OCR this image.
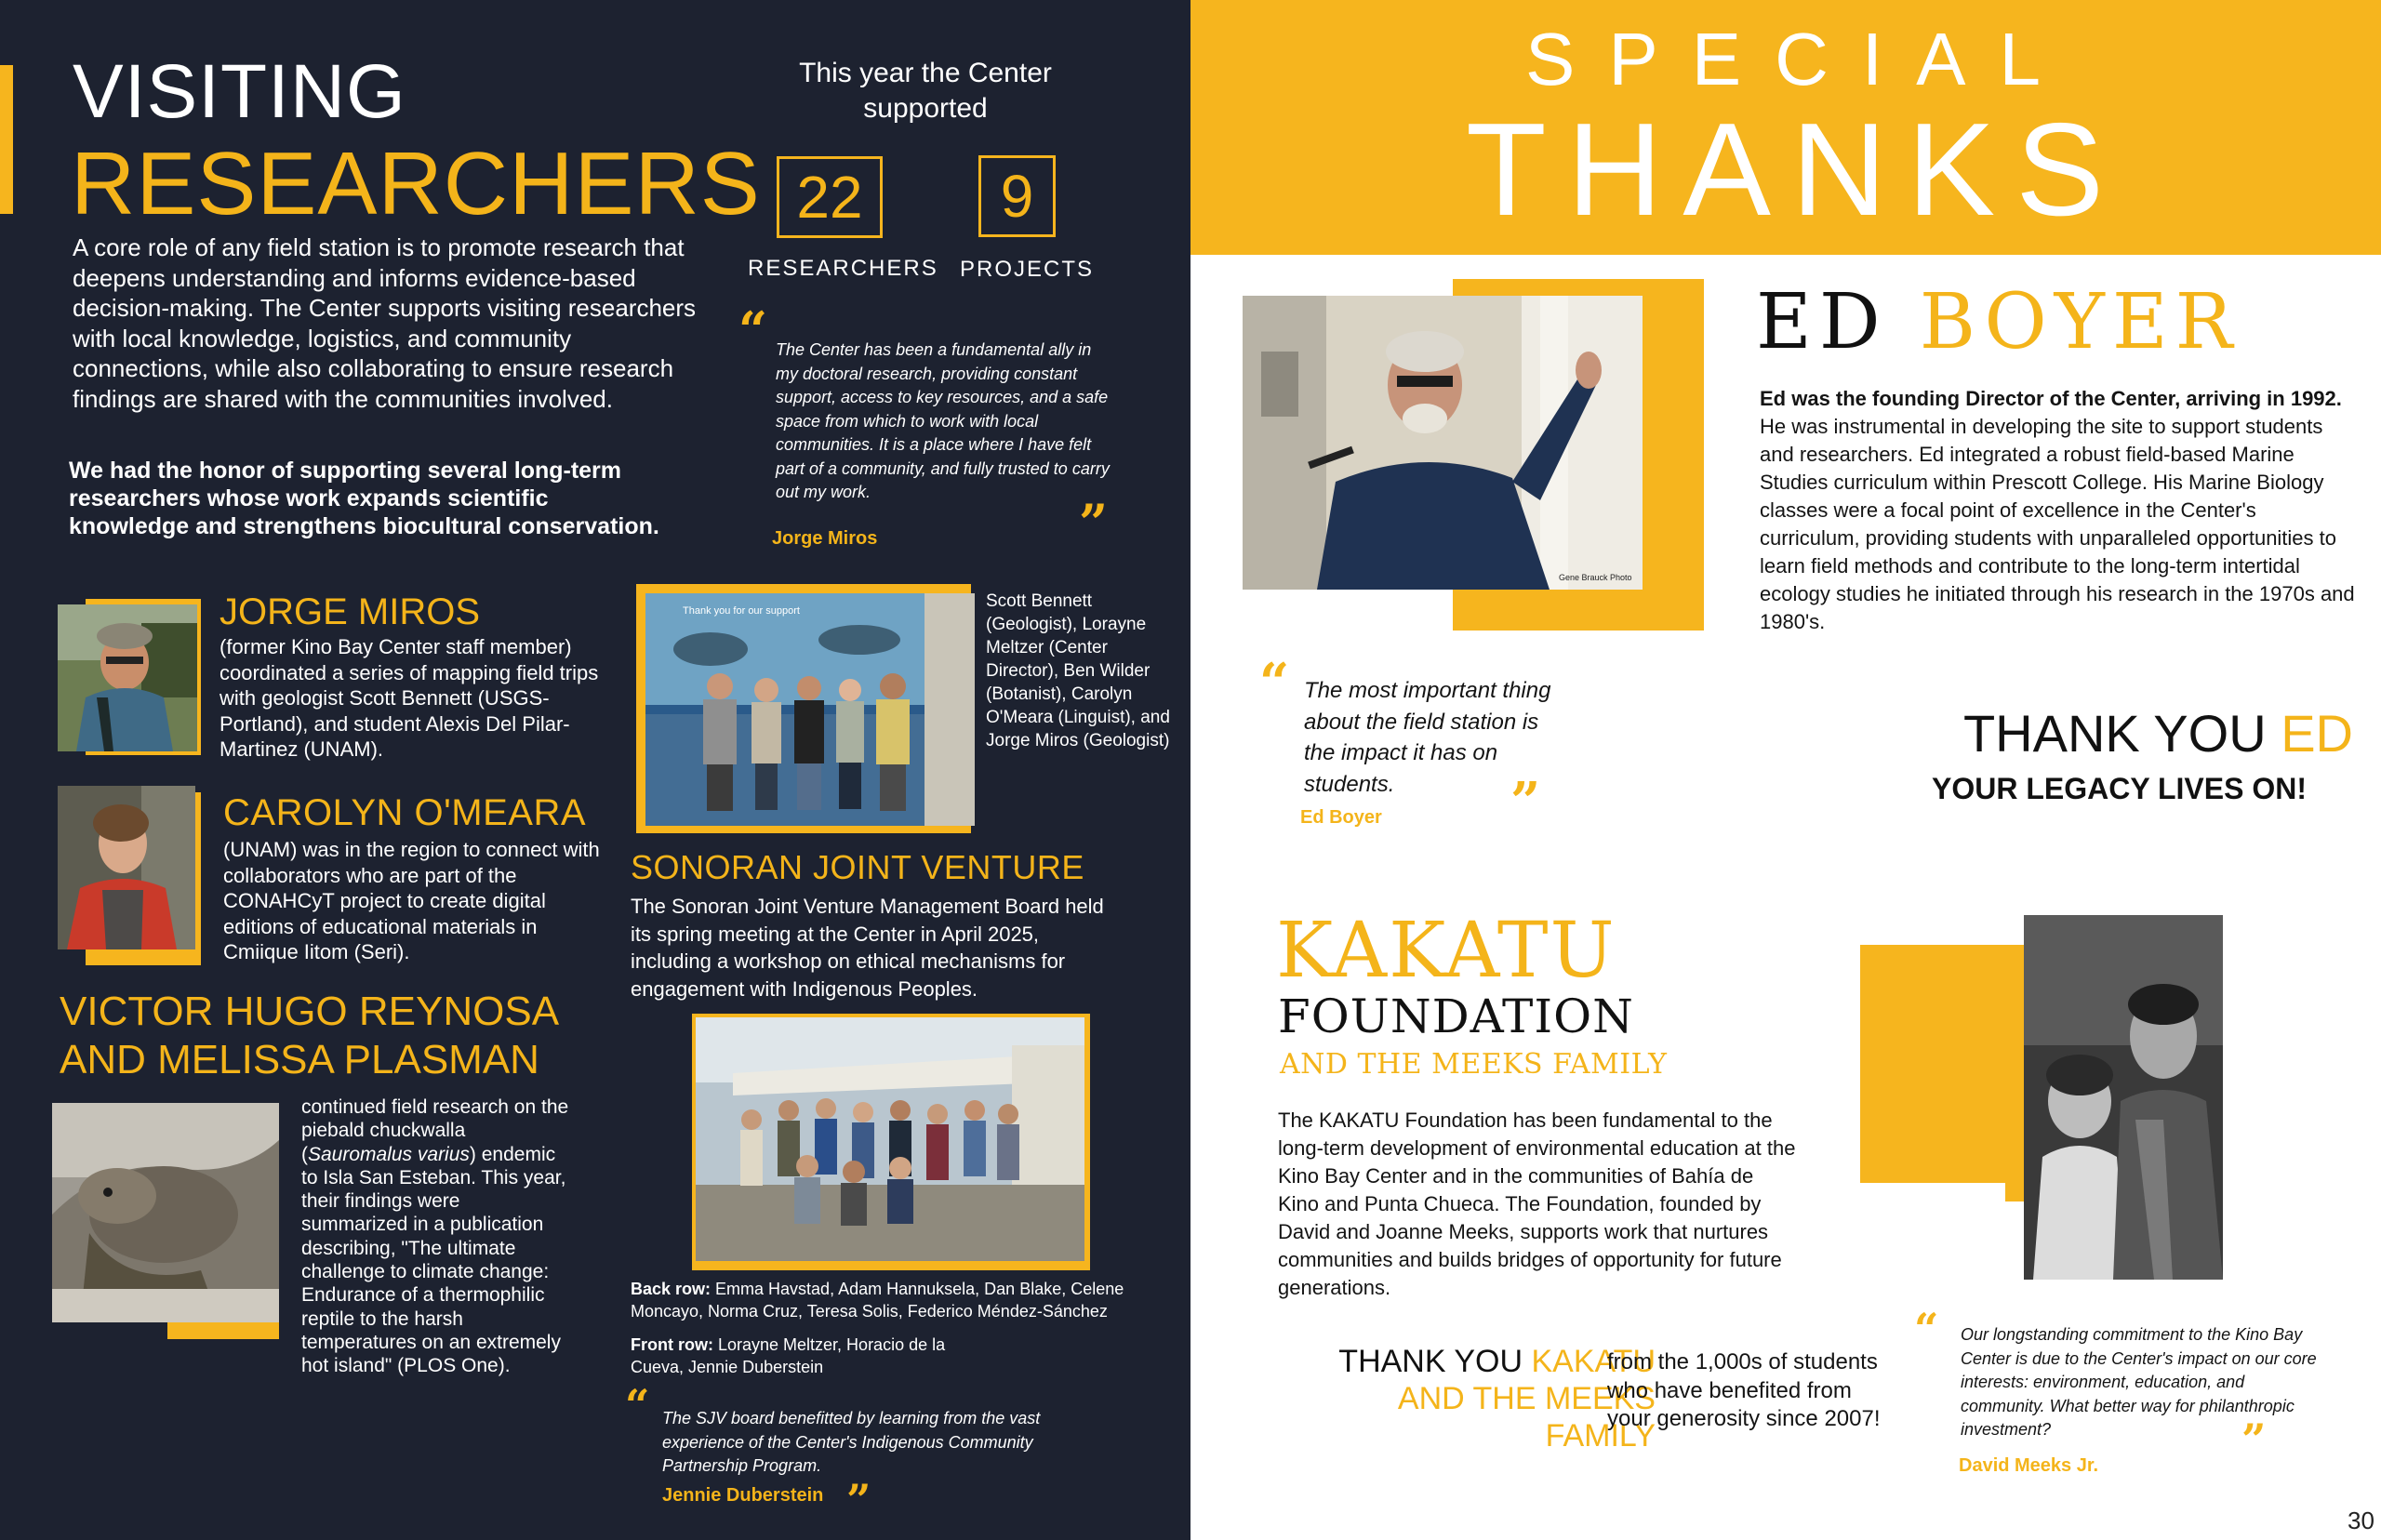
VISITING
RESEARCHERS

A core role of any field station is to promote research that deepens understanding and informs evidence-based decision-making. The Center supports visiting researchers with local knowledge, logistics, and community connections, while also collaborating to ensure research findings are shared with the communities involved.

We had the honor of supporting several long-term researchers whose work expands scientific knowledge and strengthens biocultural conservation.

This year the Center supported
22	9
RESEARCHERS PROJECTS
“ The Center has been a fundamental ally in my doctoral research, providing constant support, access to key resources, and a safe space from which to work with local communities. It is a place where I have felt part of a community, and fully trusted to carry out my work.

”
Jorge Miros
JORGE MIROS

(former Kino Bay Center staff member) coordinated a series of mapping field trips with geologist Scott Bennett (USGS-Portland), and student Alexis Del Pilar-Martinez (UNAM).

CAROLYN O'MEARA

(UNAM) was in the region to connect with collaborators who are part of the CONAHCyT project to create digital editions of educational materials in Cmiique Iitom (Seri).

VICTOR HUGO REYNOSA
AND MELISSA PLASMAN

continued field research on the piebald chuckwalla (Sauromalus varius) endemic to Isla San Esteban. This year, their findings were summarized in a publication describing, "The ultimate challenge to climate change: Endurance of a thermophilic reptile to the harsh temperatures on an extremely hot island" (PLOS One).

Thank you for our support	Scott Bennett (Geologist), Lorayne Meltzer (Center Director), Ben Wilder (Botanist), Carolyn O'Meara (Linguist), and Jorge Miros (Geologist)

SONORAN JOINT VENTURE

The Sonoran Joint Venture Management Board held its spring meeting at the Center in April 2025, including a workshop on ethical mechanisms for engagement with Indigenous Peoples.

Back row: Emma Havstad, Adam Hannuksela, Dan Blake, Celene Moncayo, Norma Cruz, Teresa Solis, Federico Méndez-Sánchez

Front row: Lorayne Meltzer, Horacio de la Cueva, Jennie Duberstein

“ The SJV board benefitted by learning from the vast experience of the Center's Indigenous Community Partnership Program.

Jennie Duberstein ”
SPECIAL
THANKS
Gene Brauck Photo
ED BOYER

Ed was the founding Director of the Center, arriving in 1992. He was instrumental in developing the site to support students and researchers. Ed integrated a robust field-based Marine Studies curriculum within Prescott College. His Marine Biology classes were a focal point of excellence in the Center's curriculum, providing students with unparalleled opportunities to learn field methods and contribute to the long-term intertidal ecology studies he initiated through his research in the 1970s and 1980's.

“ The most important thing about the field station is the impact it has on students.	”
Ed Boyer
THANK YOU ED
YOUR LEGACY LIVES ON!
KAKATU
FOUNDATION
AND THE MEEKS FAMILY

The KAKATU Foundation has been fundamental to the long-term development of environmental education at the Kino Bay Center and in the communities of Bahía de Kino and Punta Chueca. The Foundation, founded by David and Joanne Meeks, supports work that nurtures communities and builds bridges of opportunity for future generations.

THANK YOU KAKATU
AND THE MEEKS
FAMILY

from the 1,000s of students who have benefited from your generosity since 2007!

“ Our longstanding commitment to the Kino Bay Center is due to the Center's impact on our core interests: environment, education, and community. What better way for philanthropic investment?	”
David Meeks Jr.
30
